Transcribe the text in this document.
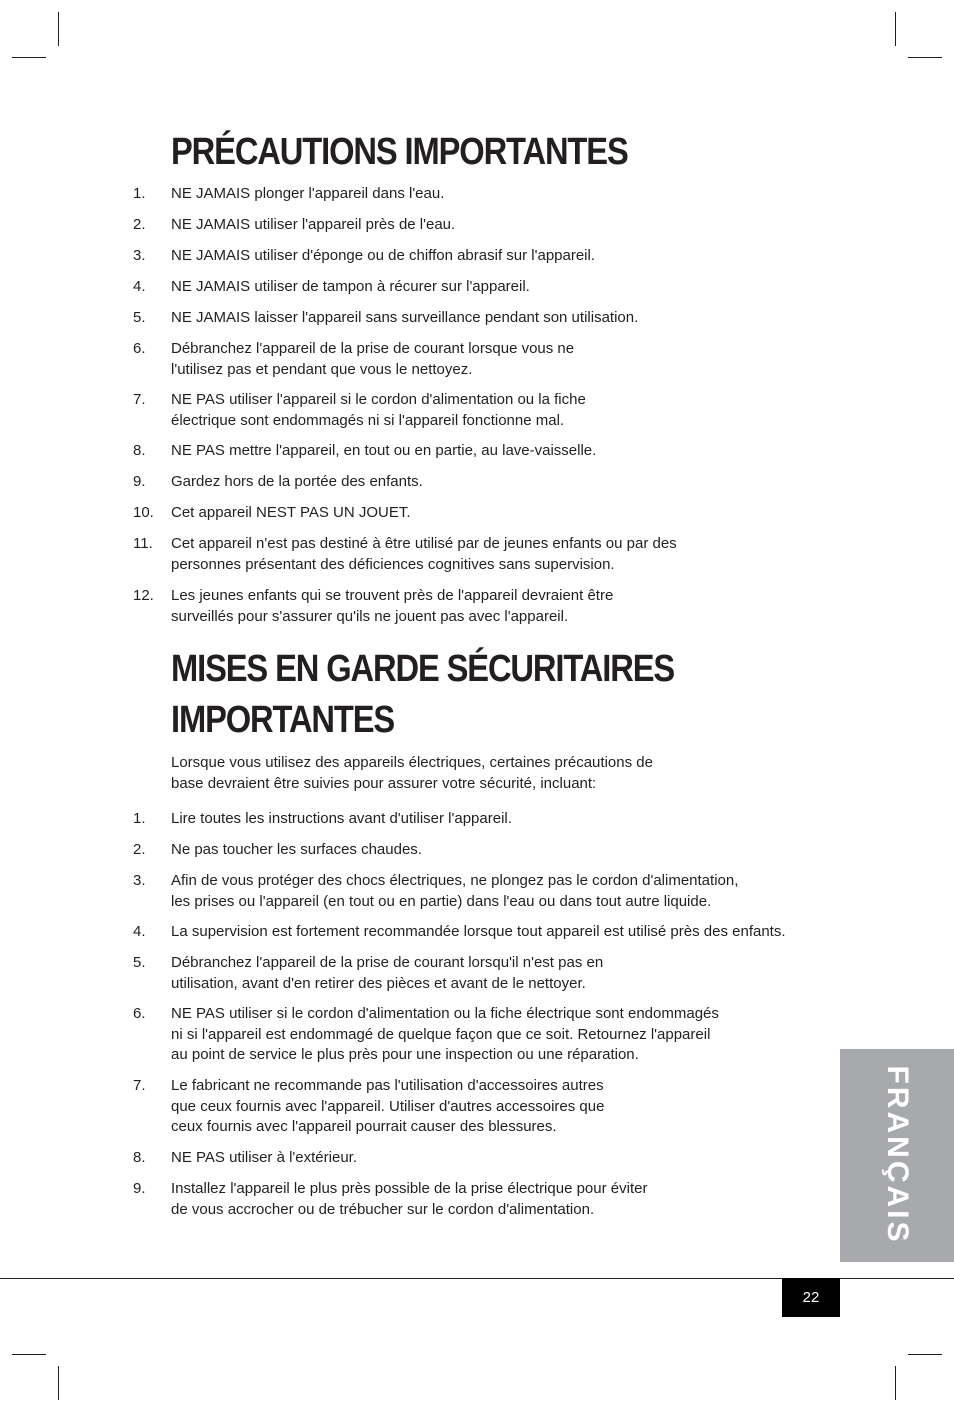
PRÉCAUTIONS IMPORTANTES
1.	NE JAMAIS plonger l'appareil dans l'eau.
2.	NE JAMAIS utiliser l'appareil près de l'eau.
3.	NE JAMAIS utiliser d'éponge ou de chiffon abrasif sur l'appareil.
4.	NE JAMAIS utiliser de tampon à récurer sur l'appareil.
5.	NE JAMAIS laisser l'appareil sans surveillance pendant son utilisation.
6.	Débranchez l'appareil de la prise de courant lorsque vous ne
l'utilisez pas et pendant que vous le nettoyez.
7.	NE PAS utiliser l'appareil si le cordon d'alimentation ou la fiche
électrique sont endommagés ni si l'appareil fonctionne mal.
8.	NE PAS mettre l'appareil, en tout ou en partie, au lave-vaisselle.
9.	Gardez hors de la portée des enfants.
10.	Cet appareil NEST PAS UN JOUET.
11.	Cet appareil n'est pas destiné à être utilisé par de jeunes enfants ou par des
personnes présentant des déficiences cognitives sans supervision.
12.	Les jeunes enfants qui se trouvent près de l'appareil devraient être
surveillés pour s'assurer qu'ils ne jouent pas avec l'appareil.
MISES EN GARDE SÉCURITAIRES
IMPORTANTES
Lorsque vous utilisez des appareils électriques, certaines précautions de
base devraient être suivies pour assurer votre sécurité, incluant:
1.	Lire toutes les instructions avant d'utiliser l'appareil.
2.	Ne pas toucher les surfaces chaudes.
3.	Afin de vous protéger des chocs électriques, ne plongez pas le cordon d'alimentation,
les prises ou l'appareil (en tout ou en partie) dans l'eau ou dans tout autre liquide.
4.	La supervision est fortement recommandée lorsque tout appareil est utilisé près des enfants.
5.	Débranchez l'appareil de la prise de courant lorsqu'il n'est pas en
utilisation, avant d'en retirer des pièces et avant de le nettoyer.
6.	NE PAS utiliser si le cordon d'alimentation ou la fiche électrique sont endommagés
ni si l'appareil est endommagé de quelque façon que ce soit. Retournez l'appareil
au point de service le plus près pour une inspection ou une réparation.
7.	Le fabricant ne recommande pas l'utilisation d'accessoires autres
que ceux fournis avec l'appareil. Utiliser d'autres accessoires que
ceux fournis avec l'appareil pourrait causer des blessures.
8.	NE PAS utiliser à l'extérieur.
9.	Installez l'appareil le plus près possible de la prise électrique pour éviter
de vous accrocher ou de trébucher sur le cordon d'alimentation.	FRANÇAIS
22
